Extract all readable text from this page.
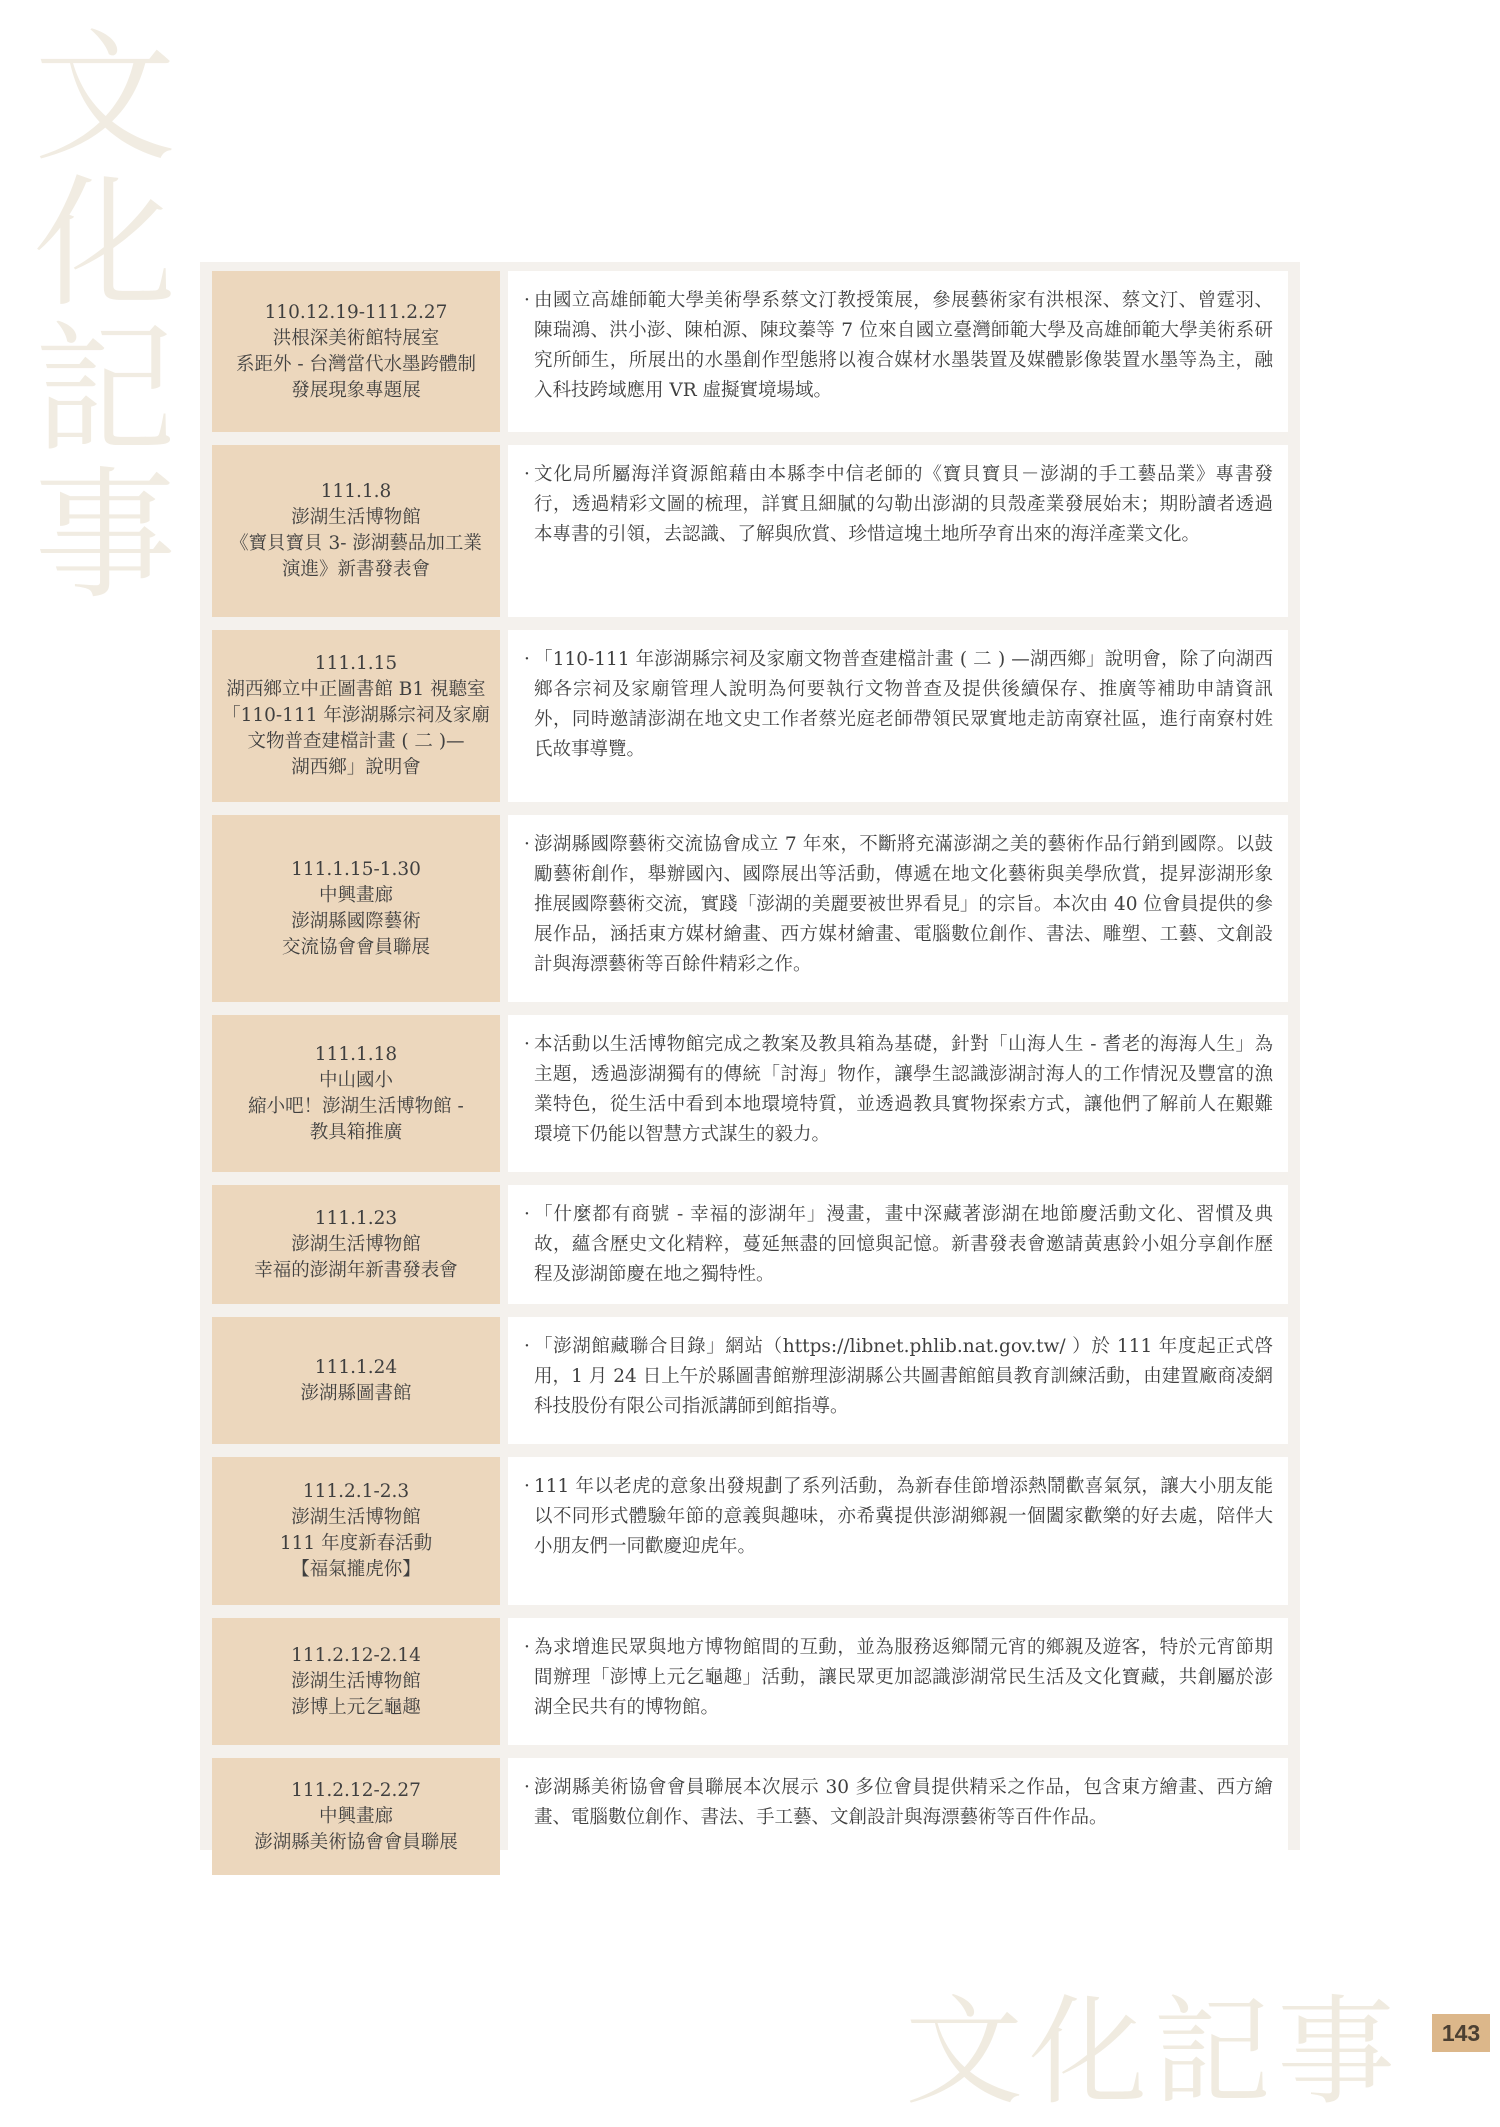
文化記事	110.12.19-111.2.27
洪根深美術館特展室
系距外 - 台灣當代水墨跨體制
發展現象專題展
· 由國立高雄師範大學美術學系蔡文汀教授策展，參展藝術家有洪根深、蔡文汀、曾霆羽、陳瑞鴻、洪小澎、陳柏源、陳玟蓁等 7 位來自國立臺灣師範大學及高雄師範大學美術系研究所師生，所展出的水墨創作型態將以複合媒材水墨裝置及媒體影像裝置水墨等為主，融入科技跨域應用 VR 虛擬實境場域。
111.1.8
澎湖生活博物館
《寶貝寶貝 3- 澎湖藝品加工業
演進》新書發表會
· 文化局所屬海洋資源館藉由本縣李中信老師的《寶貝寶貝－澎湖的手工藝品業》專書發行，透過精彩文圖的梳理，詳實且細膩的勾勒出澎湖的貝殼產業發展始末；期盼讀者透過本專書的引領，去認識、了解與欣賞、珍惜這塊土地所孕育出來的海洋產業文化。
111.1.15
湖西鄉立中正圖書館 B1 視聽室
「110-111 年澎湖縣宗祠及家廟
文物普查建檔計畫 ( 二 )—
湖西鄉」說明會
· 「110-111 年澎湖縣宗祠及家廟文物普查建檔計畫 ( 二 ) —湖西鄉」說明會，除了向湖西鄉各宗祠及家廟管理人說明為何要執行文物普查及提供後續保存、推廣等補助申請資訊外，同時邀請澎湖在地文史工作者蔡光庭老師帶領民眾實地走訪南寮社區，進行南寮村姓氏故事導覽。
111.1.15-1.30
中興畫廊
澎湖縣國際藝術
交流協會會員聯展
· 澎湖縣國際藝術交流協會成立 7 年來，不斷將充滿澎湖之美的藝術作品行銷到國際。以鼓勵藝術創作，舉辦國內、國際展出等活動，傳遞在地文化藝術與美學欣賞，提昇澎湖形象推展國際藝術交流，實踐「澎湖的美麗要被世界看見」的宗旨。本次由 40 位會員提供的參展作品，涵括東方媒材繪畫、西方媒材繪畫、電腦數位創作、書法、雕塑、工藝、文創設計與海漂藝術等百餘件精彩之作。
111.1.18
中山國小
縮小吧！澎湖生活博物館 -
教具箱推廣
· 本活動以生活博物館完成之教案及教具箱為基礎，針對「山海人生 - 耆老的海海人生」為主題，透過澎湖獨有的傳統「討海」物作，讓學生認識澎湖討海人的工作情況及豐富的漁業特色，從生活中看到本地環境特質，並透過教具實物探索方式，讓他們了解前人在艱難環境下仍能以智慧方式謀生的毅力。
111.1.23
澎湖生活博物館
幸福的澎湖年新書發表會
· 「什麼都有商號 - 幸福的澎湖年」漫畫，畫中深藏著澎湖在地節慶活動文化、習慣及典故，蘊含歷史文化精粹，蔓延無盡的回憶與記憶。新書發表會邀請黃惠鈴小姐分享創作歷程及澎湖節慶在地之獨特性。
111.1.24
澎湖縣圖書館
· 「澎湖館藏聯合目錄」網站（https://libnet.phlib.nat.gov.tw/ ）於 111 年度起正式啓用，1 月 24 日上午於縣圖書館辦理澎湖縣公共圖書館館員教育訓練活動，由建置廠商凌網科技股份有限公司指派講師到館指導。
111.2.1-2.3
澎湖生活博物館
111 年度新春活動
【福氣攏虎你】
· 111 年以老虎的意象出發規劃了系列活動，為新春佳節增添熱鬧歡喜氣氛，讓大小朋友能以不同形式體驗年節的意義與趣味，亦希冀提供澎湖鄉親一個闔家歡樂的好去處，陪伴大小朋友們一同歡慶迎虎年。
111.2.12-2.14
澎湖生活博物館
澎博上元乞龜趣
· 為求增進民眾與地方博物館間的互動，並為服務返鄉鬧元宵的鄉親及遊客，特於元宵節期間辦理「澎博上元乞龜趣」活動，讓民眾更加認識澎湖常民生活及文化寶藏，共創屬於澎湖全民共有的博物館。
111.2.12-2.27
中興畫廊
澎湖縣美術協會會員聯展
· 澎湖縣美術協會會員聯展本次展示 30 多位會員提供精采之作品，包含東方繪畫、西方繪畫、電腦數位創作、書法、手工藝、文創設計與海漂藝術等百件作品。
文化記事	143
